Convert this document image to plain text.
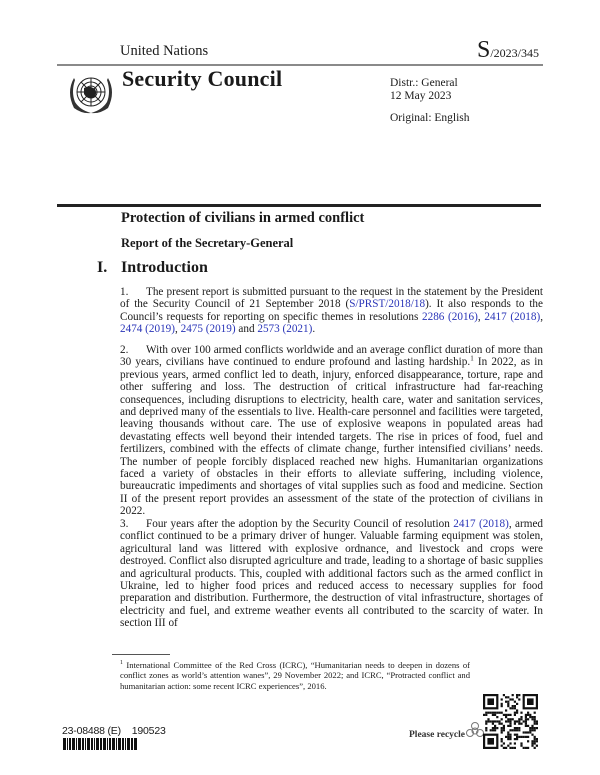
United Nations	S/2023/345
Security Council	Distr.: General
12 May 2023
Original: English
Protection of civilians in armed conflict
Report of the Secretary-General
I. Introduction
1. The present report is submitted pursuant to the request in the statement by the President of the Security Council of 21 September 2018 (S/PRST/2018/18). It also responds to the Council’s requests for reporting on specific themes in resolutions 2286 (2016), 2417 (2018), 2474 (2019), 2475 (2019) and 2573 (2021).
2. With over 100 armed conflicts worldwide and an average conflict duration of more than 30 years, civilians have continued to endure profound and lasting hardship.$^1$ In 2022, as in previous years, armed conflict led to death, injury, enforced disappearance, torture, rape and other suffering and loss. The destruction of critical infrastructure had far-reaching consequences, including disruptions to electricity, health care, water and sanitation services, and deprived many of the essentials to live. Health-care personnel and facilities were targeted, leaving thousands without care. The use of explosive weapons in populated areas had devastating effects well beyond their intended targets. The rise in prices of food, fuel and fertilizers, combined with the effects of climate change, further intensified civilians’ needs. The number of people forcibly displaced reached new highs. Humanitarian organizations faced a variety of obstacles in their efforts to alleviate suffering, including violence, bureaucratic impediments and shortages of vital supplies such as food and medicine. Section II of the present report provides an assessment of the state of the protection of civilians in 2022.
3. Four years after the adoption by the Security Council of resolution 2417 (2018), armed conflict continued to be a primary driver of hunger. Valuable farming equipment was stolen, agricultural land was littered with explosive ordnance, and livestock and crops were destroyed. Conflict also disrupted agriculture and trade, leading to a shortage of basic supplies and agricultural products. This, coupled with additional factors such as the armed conflict in Ukraine, led to higher food prices and reduced access to necessary supplies for food preparation and distribution. Furthermore, the destruction of vital infrastructure, shortages of electricity and fuel, and extreme weather events all contributed to the scarcity of water. In section III of
$^1$ International Committee of the Red Cross (ICRC), “Humanitarian needs to deepen in dozens of conflict zones as world’s attention wanes”, 29 November 2022; and ICRC, “Protracted conflict and humanitarian action: some recent ICRC experiences”, 2016.
23-08488 (E)    190523	Please recycle
